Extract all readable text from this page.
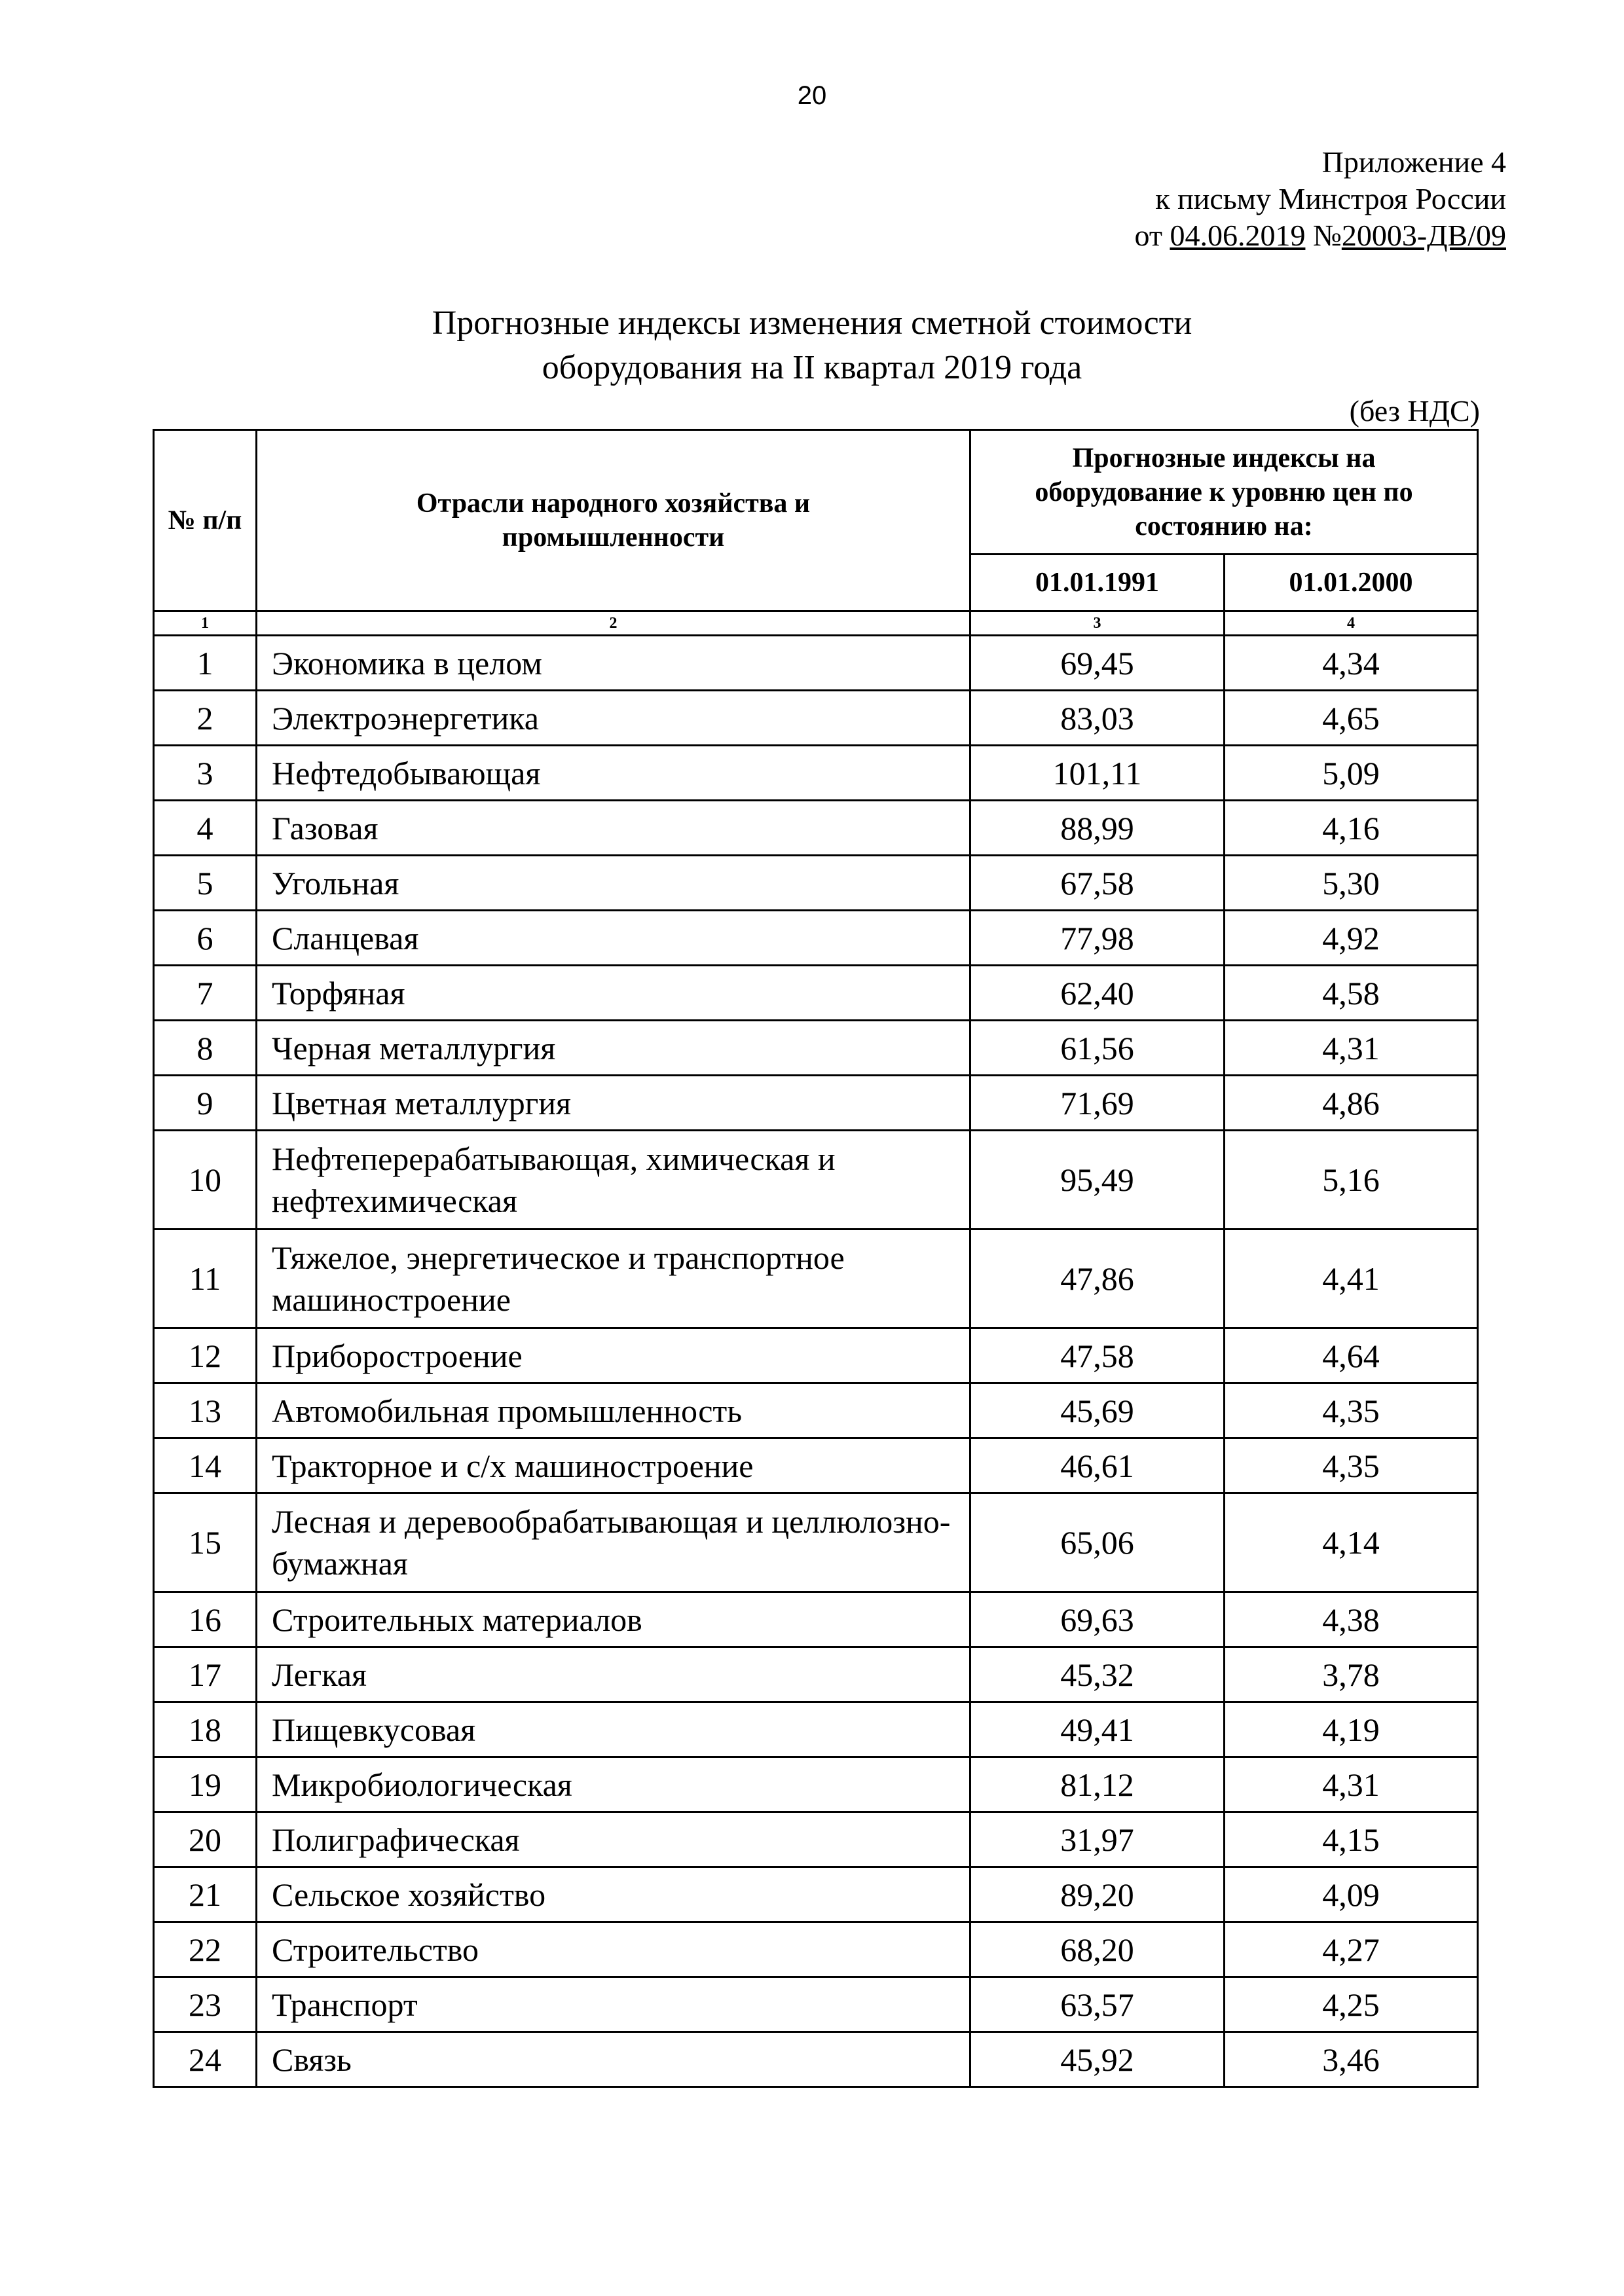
20
Приложение 4
к письму Минстроя России
от 04.06.2019 №20003-ДВ/09
Прогнозные индексы изменения сметной стоимости
оборудования на II квартал 2019 года
(без НДС)
№ п/п	Отрасли народного хозяйства и промышленности	Прогнозные индексы на оборудование к уровню цен по состоянию на:	
		01.01.1991	01.01.2000
1	2	3	4
1	Экономика в целом	69,45	4,34
2	Электроэнергетика	83,03	4,65
3	Нефтедобывающая	101,11	5,09
4	Газовая	88,99	4,16
5	Угольная	67,58	5,30
6	Сланцевая	77,98	4,92
7	Торфяная	62,40	4,58
8	Черная металлургия	61,56	4,31
9	Цветная металлургия	71,69	4,86
10	Нефтеперерабатывающая, химическая и нефтехимическая	95,49	5,16
11	Тяжелое, энергетическое и транспортное машиностроение	47,86	4,41
12	Приборостроение	47,58	4,64
13	Автомобильная промышленность	45,69	4,35
14	Тракторное и с/х машиностроение	46,61	4,35
15	Лесная и деревообрабатывающая и целлюлозно-бумажная	65,06	4,14
16	Строительных материалов	69,63	4,38
17	Легкая	45,32	3,78
18	Пищевкусовая	49,41	4,19
19	Микробиологическая	81,12	4,31
20	Полиграфическая	31,97	4,15
21	Сельское хозяйство	89,20	4,09
22	Строительство	68,20	4,27
23	Транспорт	63,57	4,25
24	Связь	45,92	3,46
